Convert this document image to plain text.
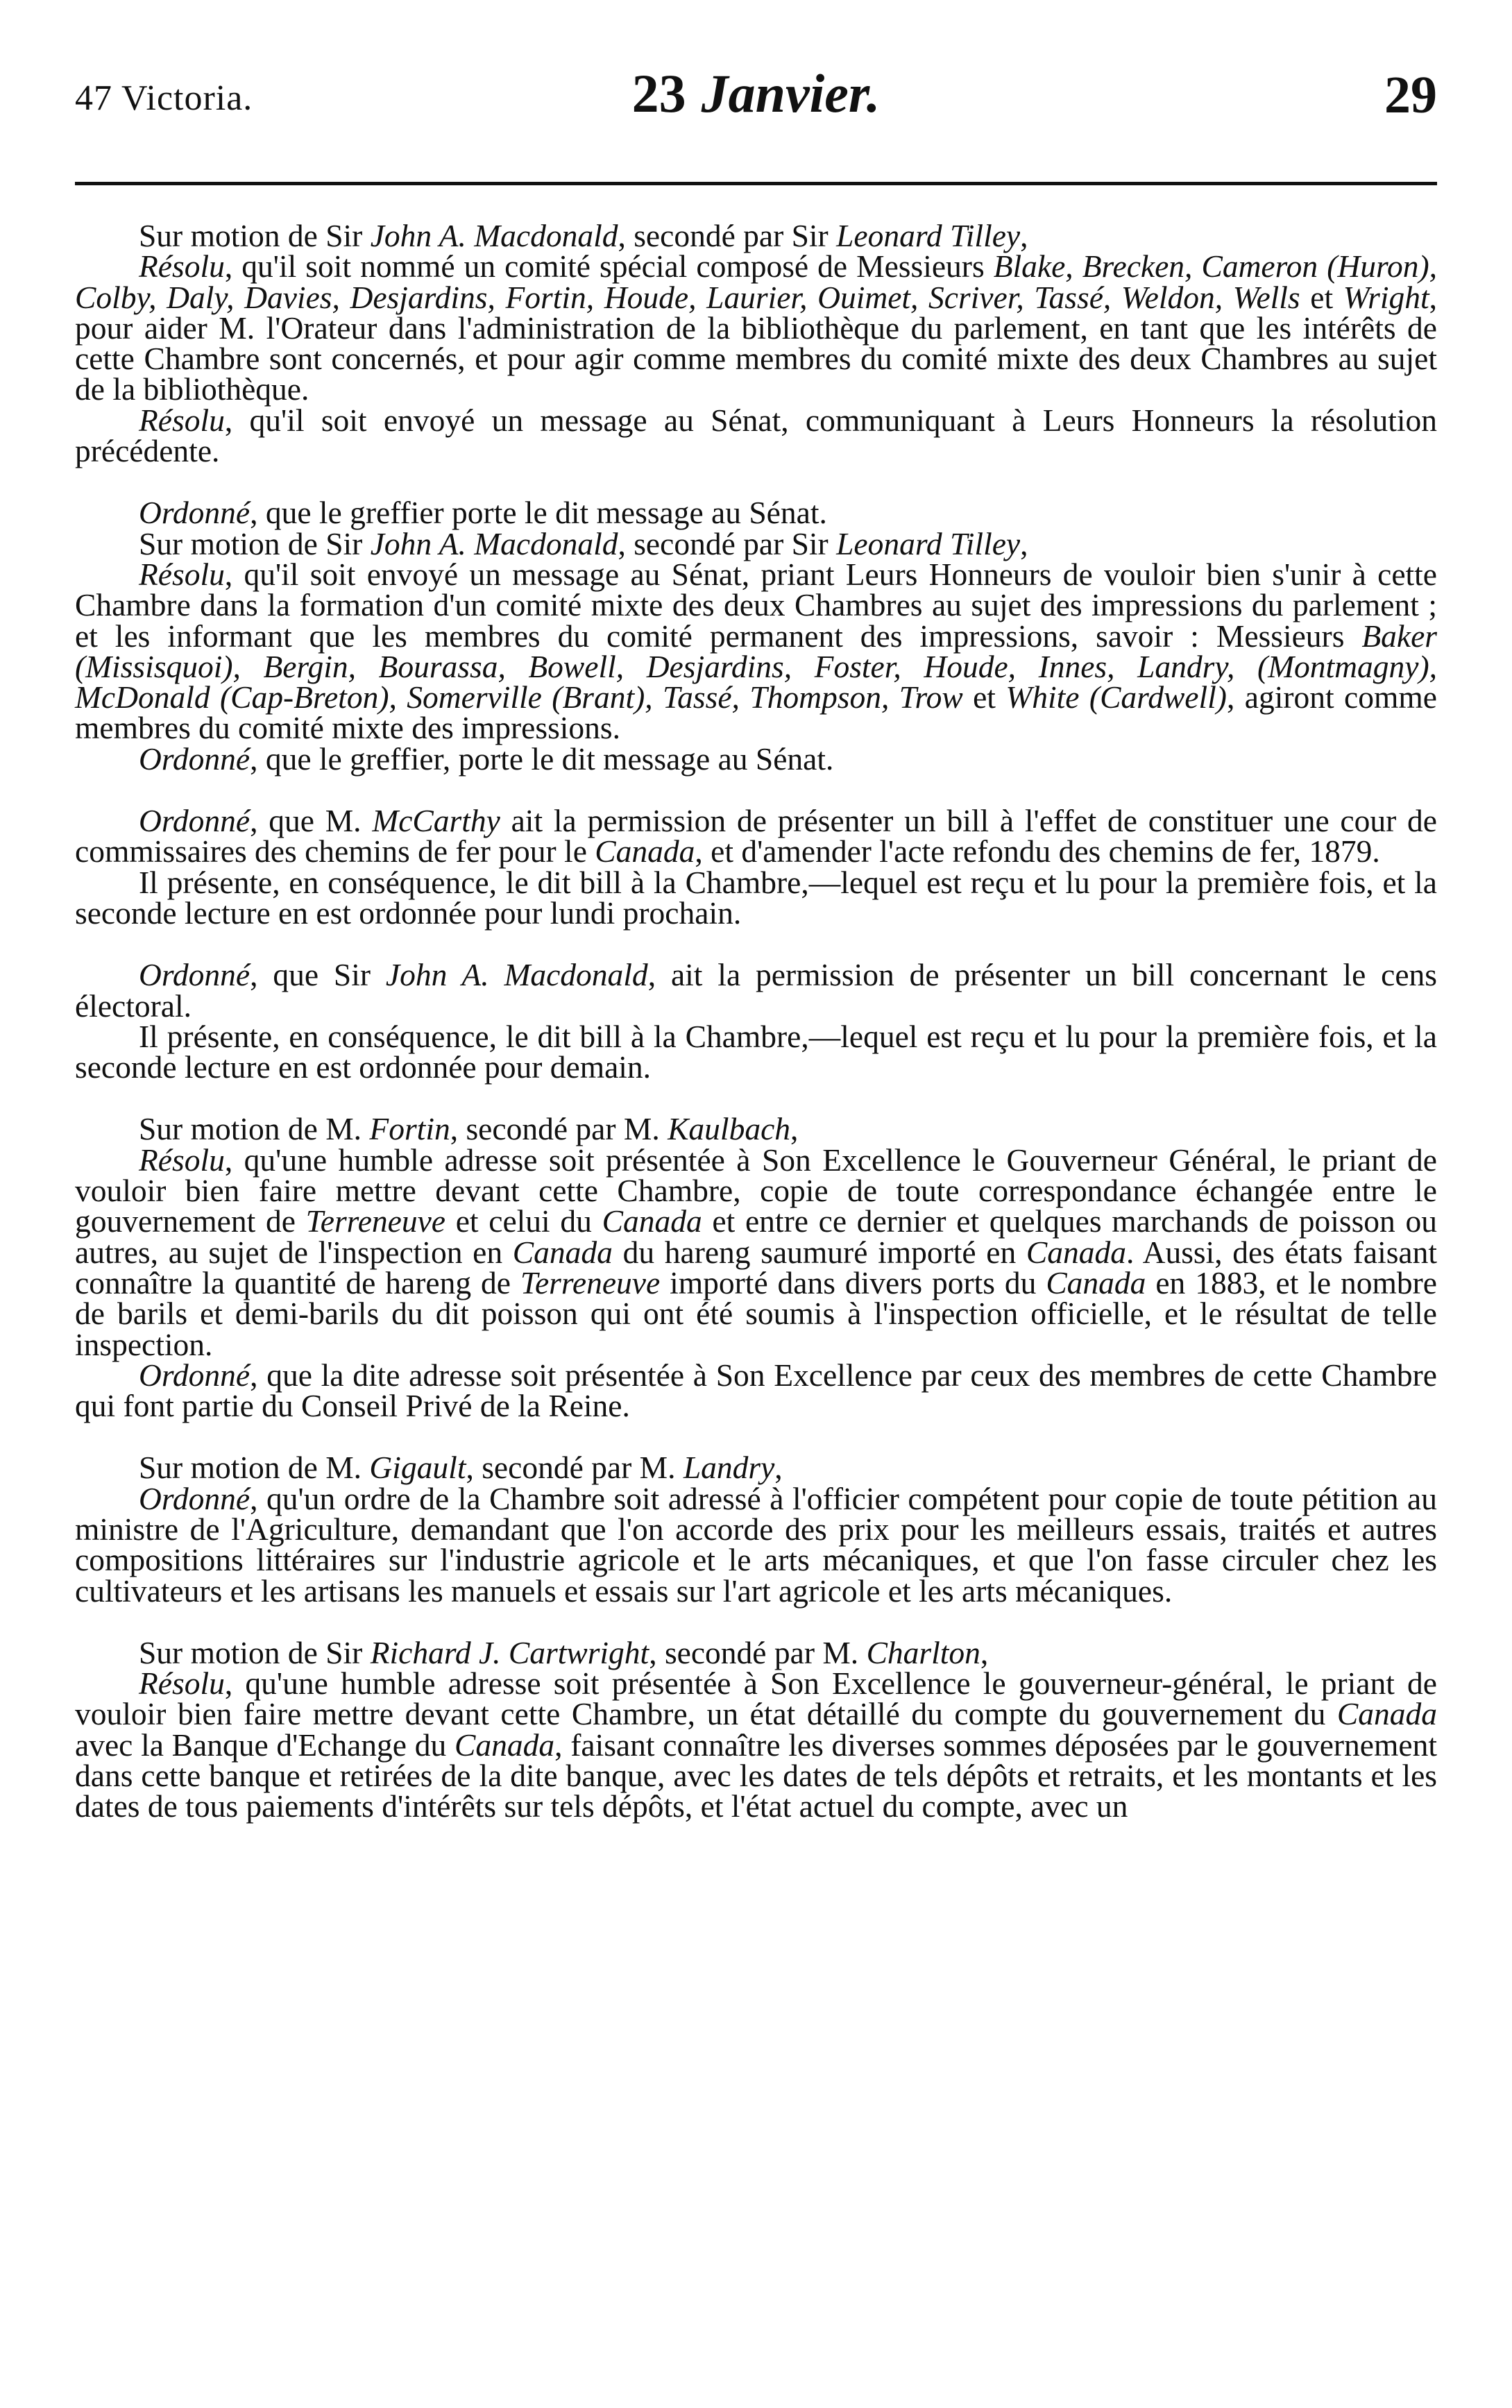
47 Victoria.	23 Janvier.	29

Sur motion de Sir John A. Macdonald, secondé par Sir Leonard Tilley,

Résolu, qu'il soit nommé un comité spécial composé de Messieurs Blake, Brecken, Cameron (Huron), Colby, Daly, Davies, Desjardins, Fortin, Houde, Laurier, Ouimet, Scriver, Tassé, Weldon, Wells et Wright, pour aider M. l'Orateur dans l'administration de la bibliothèque du parlement, en tant que les intérêts de cette Chambre sont concernés, et pour agir comme membres du comité mixte des deux Chambres au sujet de la bibliothèque.

Résolu, qu'il soit envoyé un message au Sénat, communiquant à Leurs Honneurs la résolution précédente.

Ordonné, que le greffier porte le dit message au Sénat.

Sur motion de Sir John A. Macdonald, secondé par Sir Leonard Tilley,

Résolu, qu'il soit envoyé un message au Sénat, priant Leurs Honneurs de vouloir bien s'unir à cette Chambre dans la formation d'un comité mixte des deux Chambres au sujet des impressions du parlement ; et les informant que les membres du comité permanent des impressions, savoir : Messieurs Baker (Missisquoi), Bergin, Bourassa, Bowell, Desjardins, Foster, Houde, Innes, Landry, (Montmagny), McDonald (Cap-Breton), Somerville (Brant), Tassé, Thompson, Trow et White (Cardwell), agiront comme membres du comité mixte des impressions.

Ordonné, que le greffier, porte le dit message au Sénat.

Ordonné, que M. McCarthy ait la permission de présenter un bill à l'effet de constituer une cour de commissaires des chemins de fer pour le Canada, et d'amender l'acte refondu des chemins de fer, 1879.

Il présente, en conséquence, le dit bill à la Chambre,—lequel est reçu et lu pour la première fois, et la seconde lecture en est ordonnée pour lundi prochain.

Ordonné, que Sir John A. Macdonald, ait la permission de présenter un bill concernant le cens électoral.

Il présente, en conséquence, le dit bill à la Chambre,—lequel est reçu et lu pour la première fois, et la seconde lecture en est ordonnée pour demain.

Sur motion de M. Fortin, secondé par M. Kaulbach,

Résolu, qu'une humble adresse soit présentée à Son Excellence le Gouverneur Général, le priant de vouloir bien faire mettre devant cette Chambre, copie de toute correspondance échangée entre le gouvernement de Terreneuve et celui du Canada et entre ce dernier et quelques marchands de poisson ou autres, au sujet de l'inspection en Canada du hareng saumuré importé en Canada. Aussi, des états faisant connaître la quantité de hareng de Terreneuve importé dans divers ports du Canada en 1883, et le nombre de barils et demi-barils du dit poisson qui ont été soumis à l'inspection officielle, et le résultat de telle inspection.

Ordonné, que la dite adresse soit présentée à Son Excellence par ceux des membres de cette Chambre qui font partie du Conseil Privé de la Reine.

Sur motion de M. Gigault, secondé par M. Landry,

Ordonné, qu'un ordre de la Chambre soit adressé à l'officier compétent pour copie de toute pétition au ministre de l'Agriculture, demandant que l'on accorde des prix pour les meilleurs essais, traités et autres compositions littéraires sur l'industrie agricole et le arts mécaniques, et que l'on fasse circuler chez les cultivateurs et les artisans les manuels et essais sur l'art agricole et les arts mécaniques.

Sur motion de Sir Richard J. Cartwright, secondé par M. Charlton,

Résolu, qu'une humble adresse soit présentée à Son Excellence le gouverneur-général, le priant de vouloir bien faire mettre devant cette Chambre, un état détaillé du compte du gouvernement du Canada avec la Banque d'Echange du Canada, faisant connaître les diverses sommes déposées par le gouvernement dans cette banque et retirées de la dite banque, avec les dates de tels dépôts et retraits, et les montants et les dates de tous paiements d'intérêts sur tels dépôts, et l'état actuel du compte, avec un
